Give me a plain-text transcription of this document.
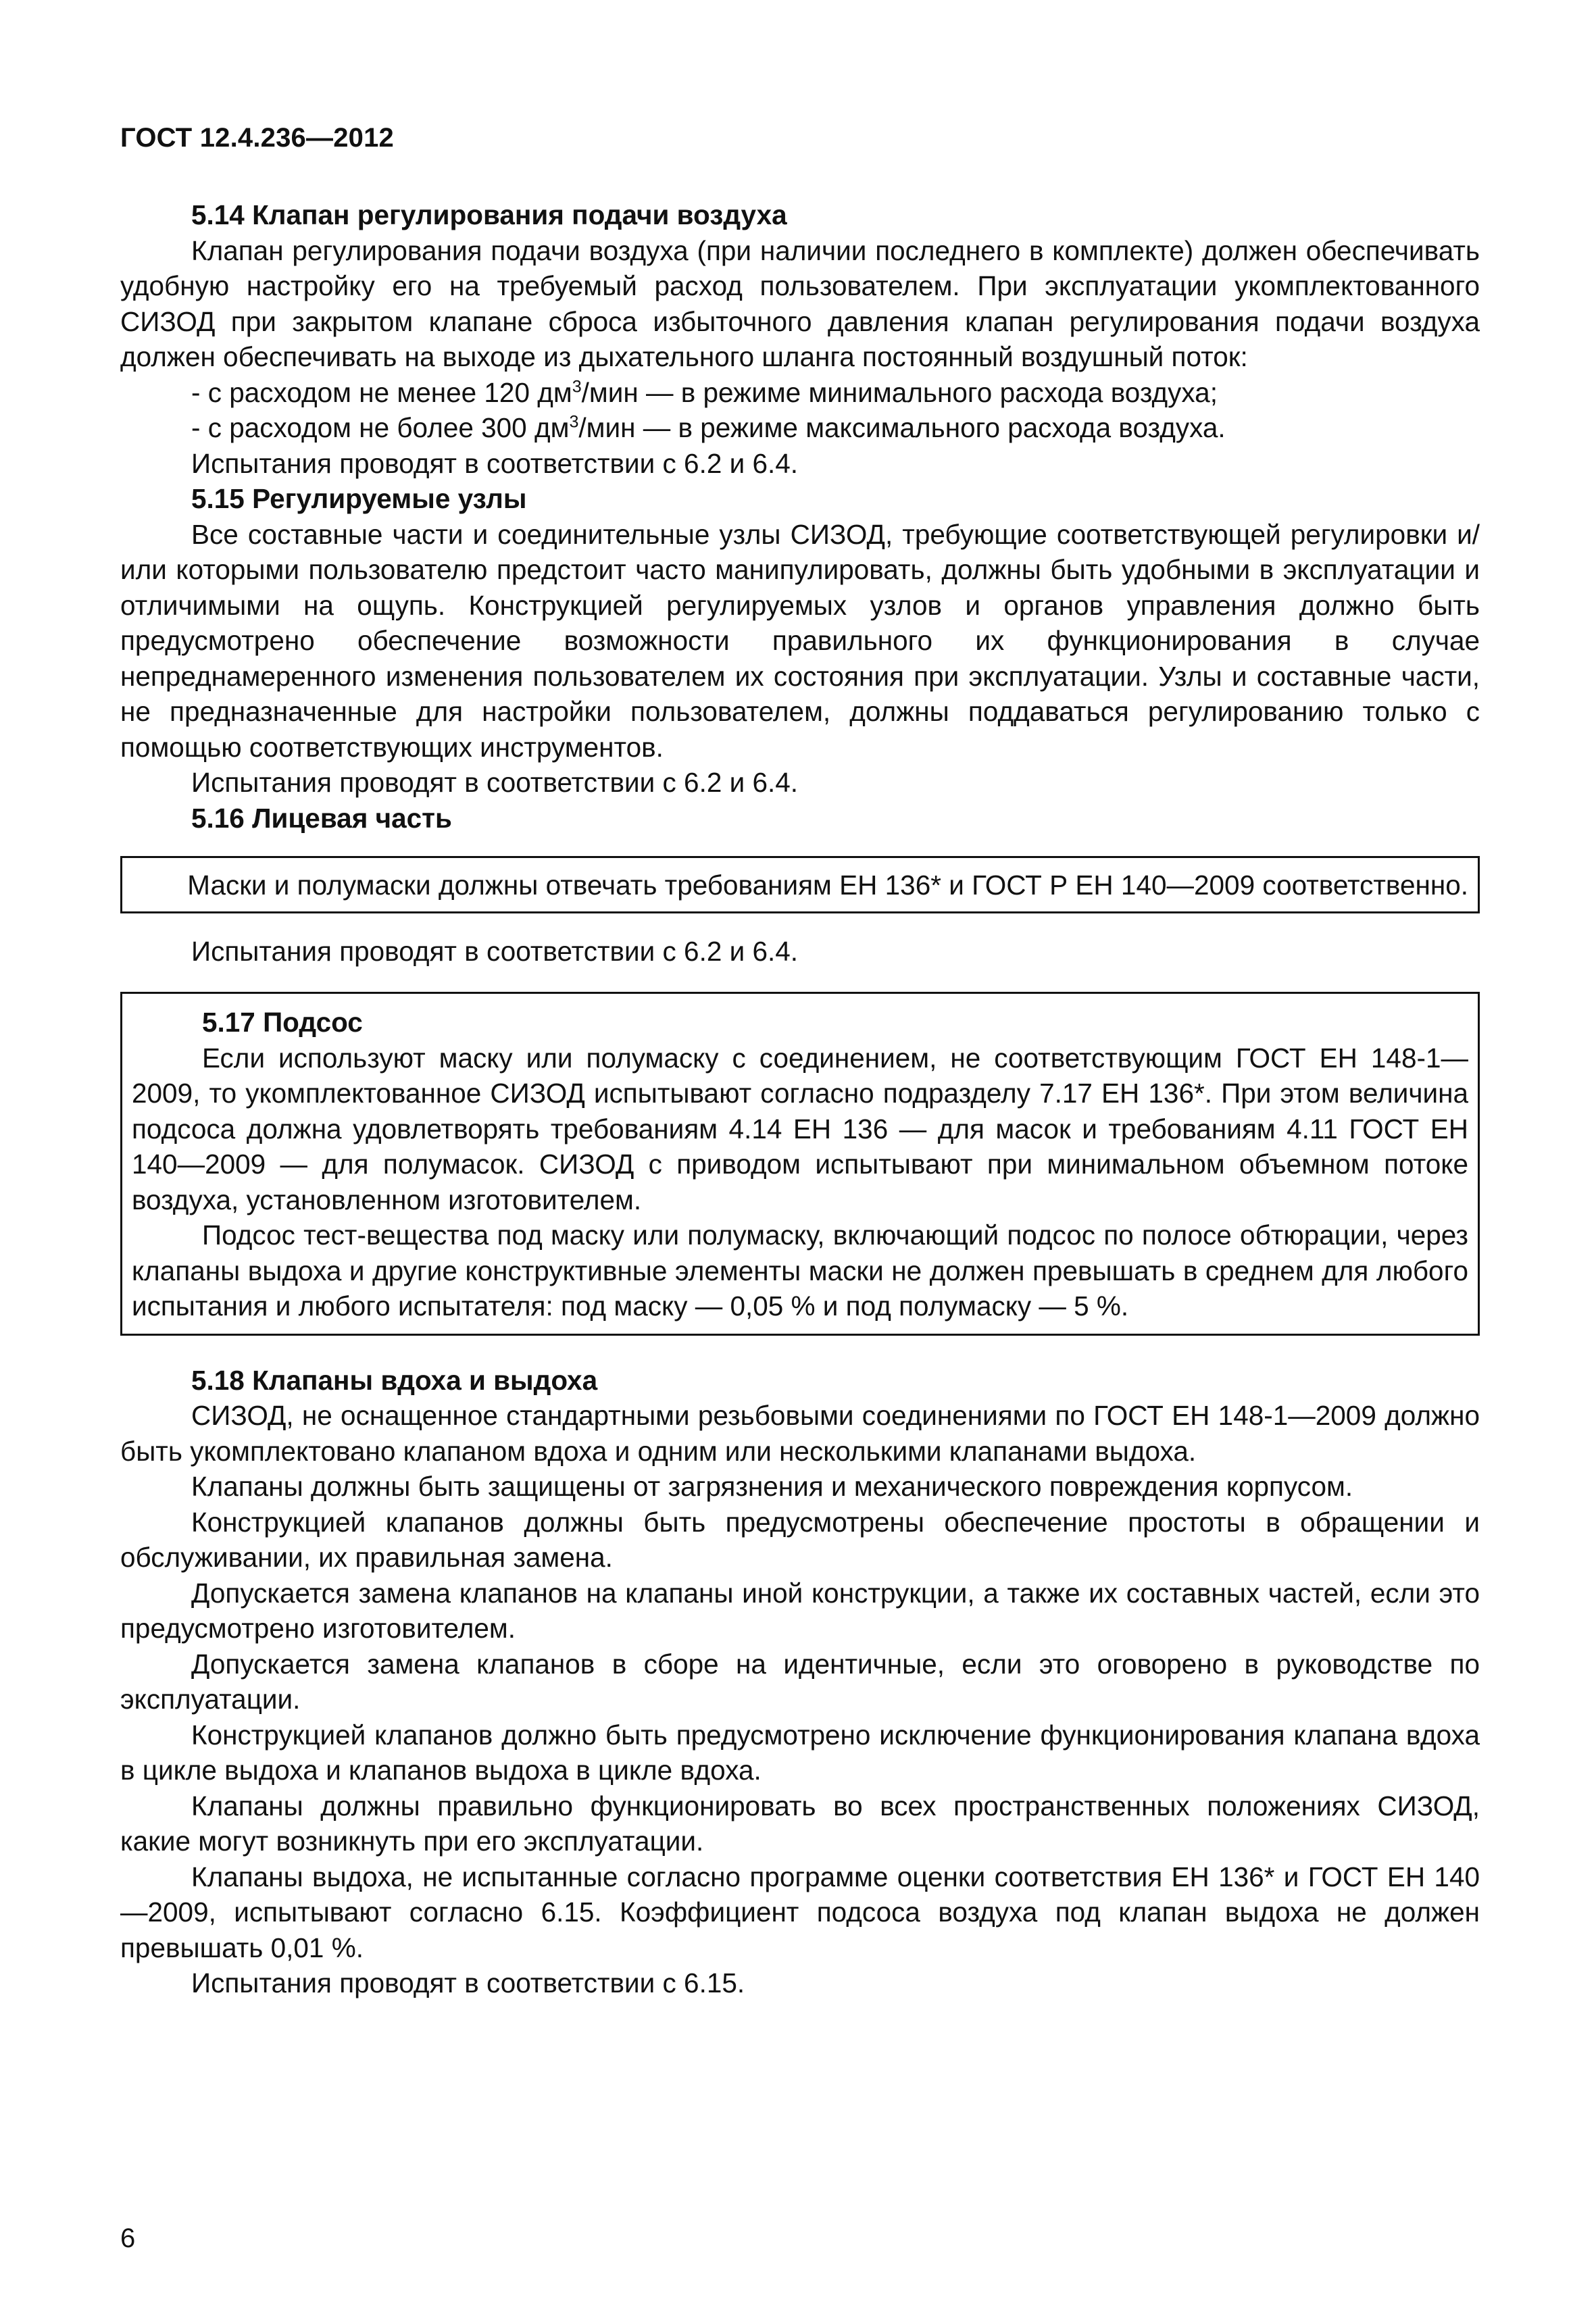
ГОСТ 12.4.236—2012

5.14 Клапан регулирования подачи воздуха

Клапан регулирования подачи воздуха (при наличии последнего в комплекте) должен обеспечивать удобную настройку его на требуемый расход пользователем. При эксплуатации укомплектованного СИЗОД при закрытом клапане сброса избыточного давления клапан регулирования подачи воздуха должен обеспечивать на выходе из дыхательного шланга постоянный воздушный поток:

- с расходом не менее 120 $дм^3$/мин — в режиме минимального расхода воздуха;

- с расходом не более 300 $дм^3$/мин — в режиме максимального расхода воздуха.

Испытания проводят в соответствии с 6.2 и 6.4.

5.15 Регулируемые узлы

Все составные части и соединительные узлы СИЗОД, требующие соответствующей регулировки и/или которыми пользователю предстоит часто манипулировать, должны быть удобными в эксплуатации и отличимыми на ощупь. Конструкцией регулируемых узлов и органов управления должно быть предусмотрено обеспечение возможности правильного их функционирования в случае непреднамеренного изменения пользователем их состояния при эксплуатации. Узлы и составные части, не предназначенные для настройки пользователем, должны поддаваться регулированию только с помощью соответствующих инструментов.

Испытания проводят в соответствии с 6.2 и 6.4.

5.16 Лицевая часть

Маски и полумаски должны отвечать требованиям ЕН 136* и ГОСТ Р ЕН 140—2009 соответственно.

Испытания проводят в соответствии с 6.2 и 6.4.

5.17 Подсос

Если используют маску или полумаску с соединением, не соответствующим ГОСТ ЕН 148-1—2009, то укомплектованное СИЗОД испытывают согласно подразделу 7.17 ЕН 136*. При этом величина подсоса должна удовлетворять требованиям 4.14 ЕН 136 — для масок и требованиям 4.11 ГОСТ ЕН 140—2009 — для полумасок. СИЗОД с приводом испытывают при минимальном объемном потоке воздуха, установленном изготовителем.

Подсос тест-вещества под маску или полумаску, включающий подсос по полосе обтюрации, через клапаны выдоха и другие конструктивные элементы маски не должен превышать в среднем для любого испытания и любого испытателя: под маску — 0,05 % и под полумаску — 5 %.

5.18 Клапаны вдоха и выдоха

СИЗОД, не оснащенное стандартными резьбовыми соединениями по ГОСТ ЕН 148-1—2009 должно быть укомплектовано клапаном вдоха и одним или несколькими клапанами выдоха.

Клапаны должны быть защищены от загрязнения и механического повреждения корпусом.

Конструкцией клапанов должны быть предусмотрены обеспечение простоты в обращении и обслуживании, их правильная замена.

Допускается замена клапанов на клапаны иной конструкции, а также их составных частей, если это предусмотрено изготовителем.

Допускается замена клапанов в сборе на идентичные, если это оговорено в руководстве по эксплуатации.

Конструкцией клапанов должно быть предусмотрено исключение функционирования клапана вдоха в цикле выдоха и клапанов выдоха в цикле вдоха.

Клапаны должны правильно функционировать во всех пространственных положениях СИЗОД, какие могут возникнуть при его эксплуатации.

Клапаны выдоха, не испытанные согласно программе оценки соответствия ЕН 136* и ГОСТ ЕН 140—2009, испытывают согласно 6.15. Коэффициент подсоса воздуха под клапан выдоха не должен превышать 0,01 %.

Испытания проводят в соответствии с 6.15.

6
